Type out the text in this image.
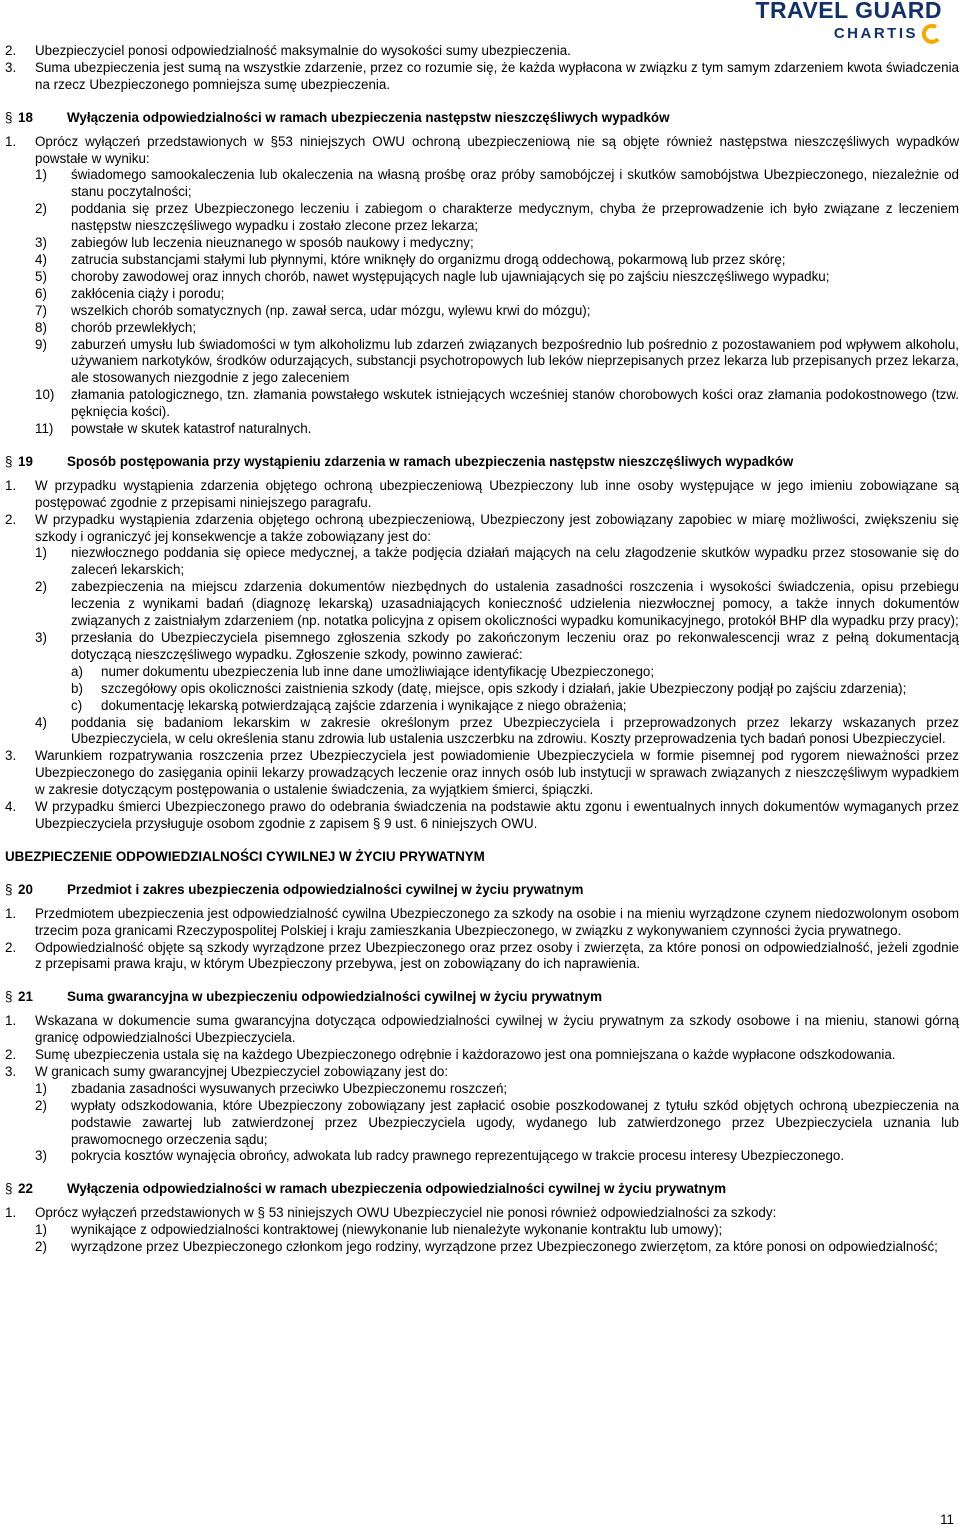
TRAVEL GUARD
CHARTIS
2.	Ubezpieczyciel ponosi odpowiedzialność maksymalnie do wysokości sumy ubezpieczenia.
3.	Suma ubezpieczenia jest sumą na wszystkie zdarzenie, przez co rozumie się, że każda wypłacona w związku z tym samym zdarzeniem kwota świadczenia na rzecz Ubezpieczonego pomniejsza sumę ubezpieczenia.
§ 18	Wyłączenia odpowiedzialności w ramach ubezpieczenia następstw nieszczęśliwych wypadków
1.	Oprócz wyłączeń przedstawionych w §53 niniejszych OWU ochroną ubezpieczeniową nie są objęte również następstwa nieszczęśliwych wypadków powstałe w wyniku:
1)	świadomego samookaleczenia lub okaleczenia na własną prośbę oraz próby samobójczej i skutków samobójstwa Ubezpieczonego, niezależnie od stanu poczytalności;
2)	poddania się przez Ubezpieczonego leczeniu i zabiegom o charakterze medycznym, chyba że przeprowadzenie ich było związane z leczeniem następstw nieszczęśliwego wypadku i zostało zlecone przez lekarza;
3)	zabiegów lub leczenia nieuznanego w sposób naukowy i medyczny;
4)	zatrucia substancjami stałymi lub płynnymi, które wniknęły do organizmu drogą oddechową, pokarmową lub przez skórę;
5)	choroby zawodowej oraz innych chorób, nawet występujących nagle lub ujawniających się po zajściu nieszczęśliwego wypadku;
6)	zakłócenia ciąży i porodu;
7)	wszelkich chorób somatycznych (np. zawał serca, udar mózgu, wylewu krwi do mózgu);
8)	chorób przewlekłych;
9)	zaburzeń umysłu lub świadomości w tym alkoholizmu lub zdarzeń związanych bezpośrednio lub pośrednio z pozostawaniem pod wpływem alkoholu, używaniem narkotyków, środków odurzających, substancji psychotropowych lub leków nieprzepisanych przez lekarza lub przepisanych przez lekarza, ale stosowanych niezgodnie z jego zaleceniem
10)	złamania patologicznego, tzn. złamania powstałego wskutek istniejących wcześniej stanów chorobowych kości oraz złamania podokostnowego (tzw. pęknięcia kości).
11)	powstałe w skutek katastrof naturalnych.
§ 19	Sposób postępowania przy wystąpieniu zdarzenia w ramach ubezpieczenia następstw nieszczęśliwych wypadków
1.	W przypadku wystąpienia zdarzenia objętego ochroną ubezpieczeniową Ubezpieczony lub inne osoby występujące w jego imieniu zobowiązane są postępować zgodnie z przepisami niniejszego paragrafu.
2.	W przypadku wystąpienia zdarzenia objętego ochroną ubezpieczeniową, Ubezpieczony jest zobowiązany zapobiec w miarę możliwości, zwiększeniu się szkody i ograniczyć jej konsekwencje a także zobowiązany jest do:
1)	niezwłocznego poddania się opiece medycznej, a także podjęcia działań mających na celu złagodzenie skutków wypadku przez stosowanie się do zaleceń lekarskich;
2)	zabezpieczenia na miejscu zdarzenia dokumentów niezbędnych do ustalenia zasadności roszczenia i wysokości świadczenia, opisu przebiegu leczenia z wynikami badań (diagnozę lekarską) uzasadniających konieczność udzielenia niezwłocznej pomocy, a także innych dokumentów związanych z zaistniałym zdarzeniem (np. notatka policyjna z opisem okoliczności wypadku komunikacyjnego, protokół BHP dla wypadku przy pracy);
3)	przesłania do Ubezpieczyciela pisemnego zgłoszenia szkody po zakończonym leczeniu oraz po rekonwalescencji wraz z pełną dokumentacją dotyczącą nieszczęśliwego wypadku. Zgłoszenie szkody, powinno zawierać:
a)	numer dokumentu ubezpieczenia lub inne dane umożliwiające identyfikację Ubezpieczonego;
b)	szczegółowy opis okoliczności zaistnienia szkody (datę, miejsce, opis szkody i działań, jakie Ubezpieczony podjął po zajściu zdarzenia);
c)	dokumentację lekarską potwierdzającą zajście zdarzenia i wynikające z niego obrażenia;
4)	poddania się badaniom lekarskim w zakresie określonym przez Ubezpieczyciela i przeprowadzonych przez lekarzy wskazanych przez Ubezpieczyciela, w celu określenia stanu zdrowia lub ustalenia uszczerbku na zdrowiu. Koszty przeprowadzenia tych badań ponosi Ubezpieczyciel.
3.	Warunkiem rozpatrywania roszczenia przez Ubezpieczyciela jest powiadomienie Ubezpieczyciela w formie pisemnej pod rygorem nieważności przez Ubezpieczonego do zasięgania opinii lekarzy prowadzących leczenie oraz innych osób lub instytucji w sprawach związanych z nieszczęśliwym wypadkiem w zakresie dotyczącym postępowania o ustalenie świadczenia, za wyjątkiem śmierci, śpiączki.
4.	W przypadku śmierci Ubezpieczonego prawo do odebrania świadczenia na podstawie aktu zgonu i ewentualnych innych dokumentów wymaganych przez Ubezpieczyciela przysługuje osobom zgodnie z zapisem § 9 ust. 6 niniejszych OWU.
UBEZPIECZENIE ODPOWIEDZIALNOŚCI CYWILNEJ W ŻYCIU PRYWATNYM
§ 20	Przedmiot i zakres ubezpieczenia odpowiedzialności cywilnej w życiu prywatnym
1.	Przedmiotem ubezpieczenia jest odpowiedzialność cywilna Ubezpieczonego za szkody na osobie i na mieniu wyrządzone czynem niedozwolonym osobom trzecim poza granicami Rzeczypospolitej Polskiej i kraju zamieszkania Ubezpieczonego, w związku z wykonywaniem czynności życia prywatnego.
2.	Odpowiedzialność objęte są szkody wyrządzone przez Ubezpieczonego oraz przez osoby i zwierzęta, za które ponosi on odpowiedzialność, jeżeli zgodnie z przepisami prawa kraju, w którym Ubezpieczony przebywa, jest on zobowiązany do ich naprawienia.
§ 21	Suma gwarancyjna w ubezpieczeniu odpowiedzialności cywilnej w życiu prywatnym
1.	Wskazana w dokumencie suma gwarancyjna dotycząca odpowiedzialności cywilnej w życiu prywatnym za szkody osobowe i na mieniu, stanowi górną granicę odpowiedzialności Ubezpieczyciela.
2.	Sumę ubezpieczenia ustala się na każdego Ubezpieczonego odrębnie i każdorazowo jest ona pomniejszana o każde wypłacone odszkodowania.
3.	W granicach sumy gwarancyjnej Ubezpieczyciel zobowiązany jest do:
1)	zbadania zasadności wysuwanych przeciwko Ubezpieczonemu roszczeń;
2)	wypłaty odszkodowania, które Ubezpieczony zobowiązany jest zapłacić osobie poszkodowanej z tytułu szkód objętych ochroną ubezpieczenia na podstawie zawartej lub zatwierdzonej przez Ubezpieczyciela ugody, wydanego lub zatwierdzonego przez Ubezpieczyciela uznania lub prawomocnego orzeczenia sądu;
3)	pokrycia kosztów wynajęcia obrońcy, adwokata lub radcy prawnego reprezentującego w trakcie procesu interesy Ubezpieczonego.
§ 22	Wyłączenia odpowiedzialności w ramach ubezpieczenia odpowiedzialności cywilnej w życiu prywatnym
1.	Oprócz wyłączeń przedstawionych w § 53 niniejszych OWU Ubezpieczyciel nie ponosi również odpowiedzialności za szkody:
1)	wynikające z odpowiedzialności kontraktowej (niewykonanie lub nienależyte wykonanie kontraktu lub umowy);
2)	wyrządzone przez Ubezpieczonego członkom jego rodziny, wyrządzone przez Ubezpieczonego zwierzętom, za które ponosi on odpowiedzialność;
11
